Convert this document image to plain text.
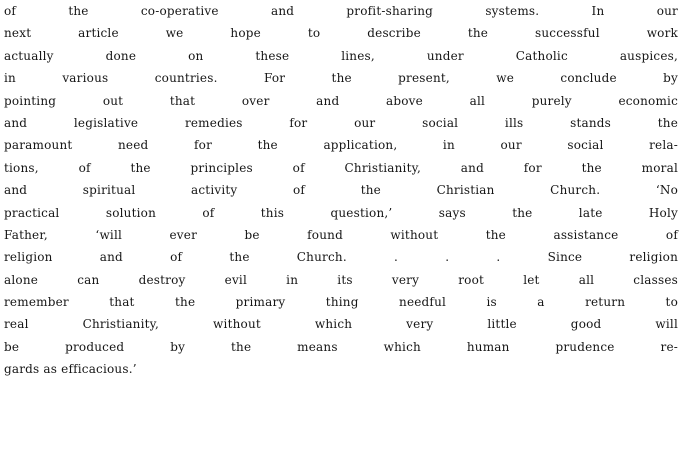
of the co-operative and profit-sharing systems. In our
next article we hope to describe the successful work
actually done on these lines, under Catholic auspices,
in various countries. For the present, we conclude by
pointing out that over and above all purely economic
and legislative remedies for our social ills stands the
paramount need for the application, in our social rela-
tions, of the principles of Christianity, and for the moral
and spiritual activity of the Christian Church. ‘No
practical solution of this question,’ says the late Holy
Father, ‘will ever be found without the assistance of
religion and of the Church. . . . Since religion
alone can destroy evil in its very root let all classes
remember that the primary thing needful is a return to
real Christianity, without which very little good will
be produced by the means which human prudence re-
gards as efficacious.’
